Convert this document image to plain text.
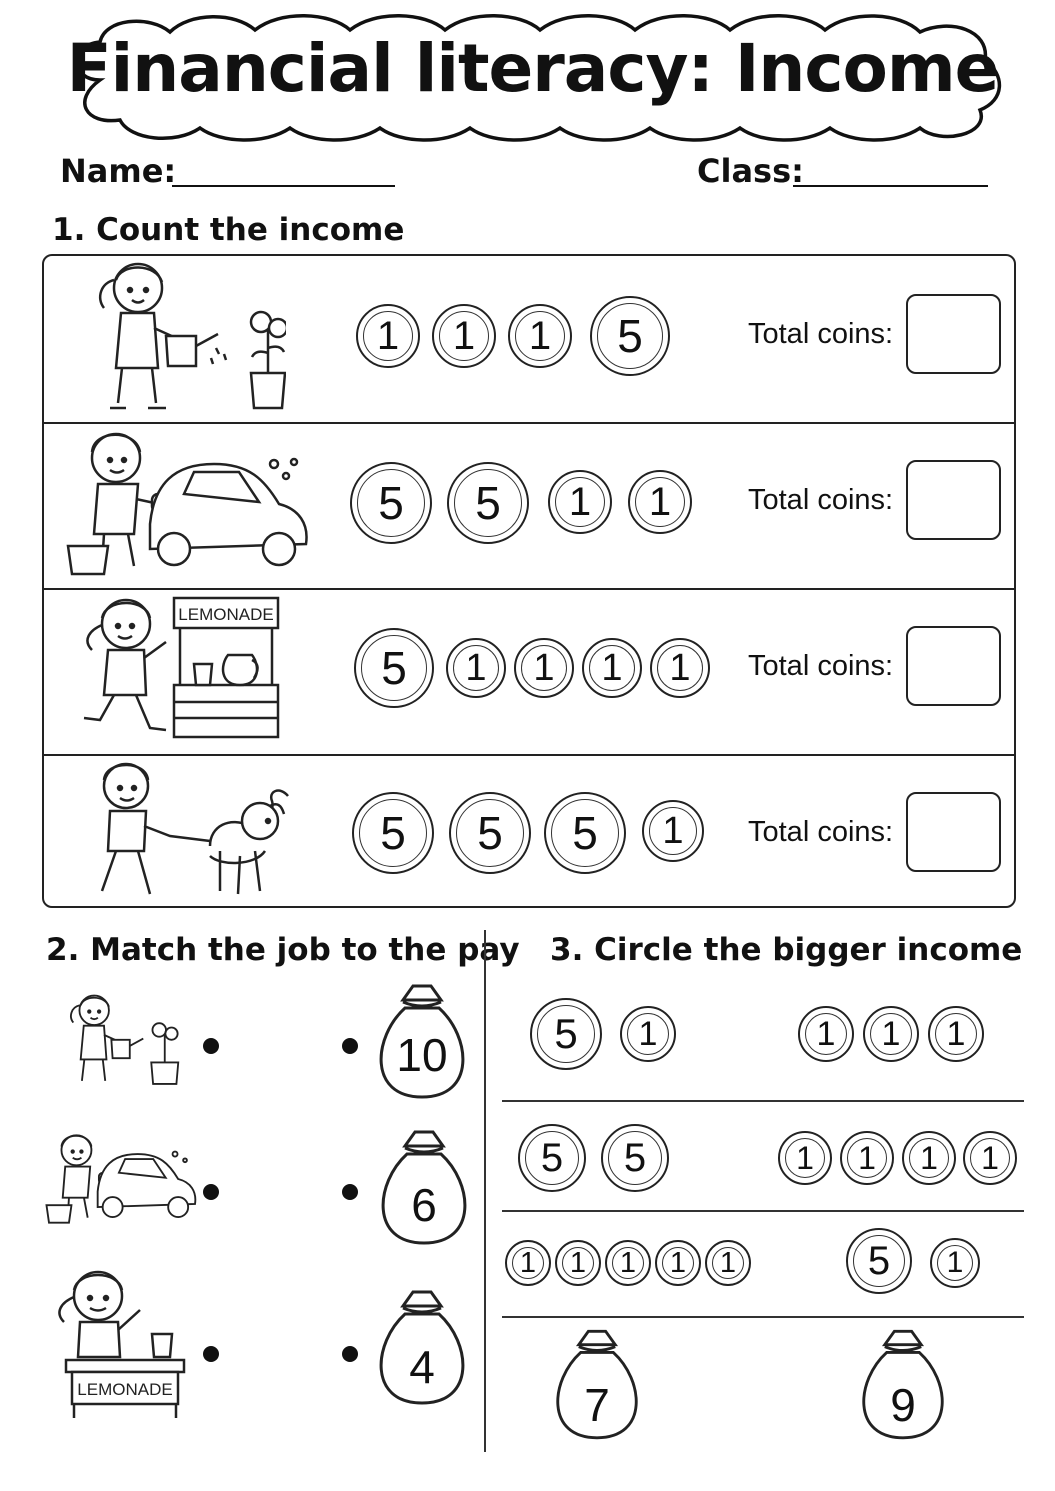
Financial literacy: Income
Name:	Class:
1. Count the income
1 1 1 5	Total coins:
5 5 1 1	Total coins:
LEMONADE
5 1 1 1 1 Total coins:
5 5 5 1 Total coins:
2. Match the job to the pay
LEMONADE
10
6
4
3. Circle the bigger income
5 1	1 1 1
5 5	1 1 1 1
1 1 1 1 1	5 1
7	9
